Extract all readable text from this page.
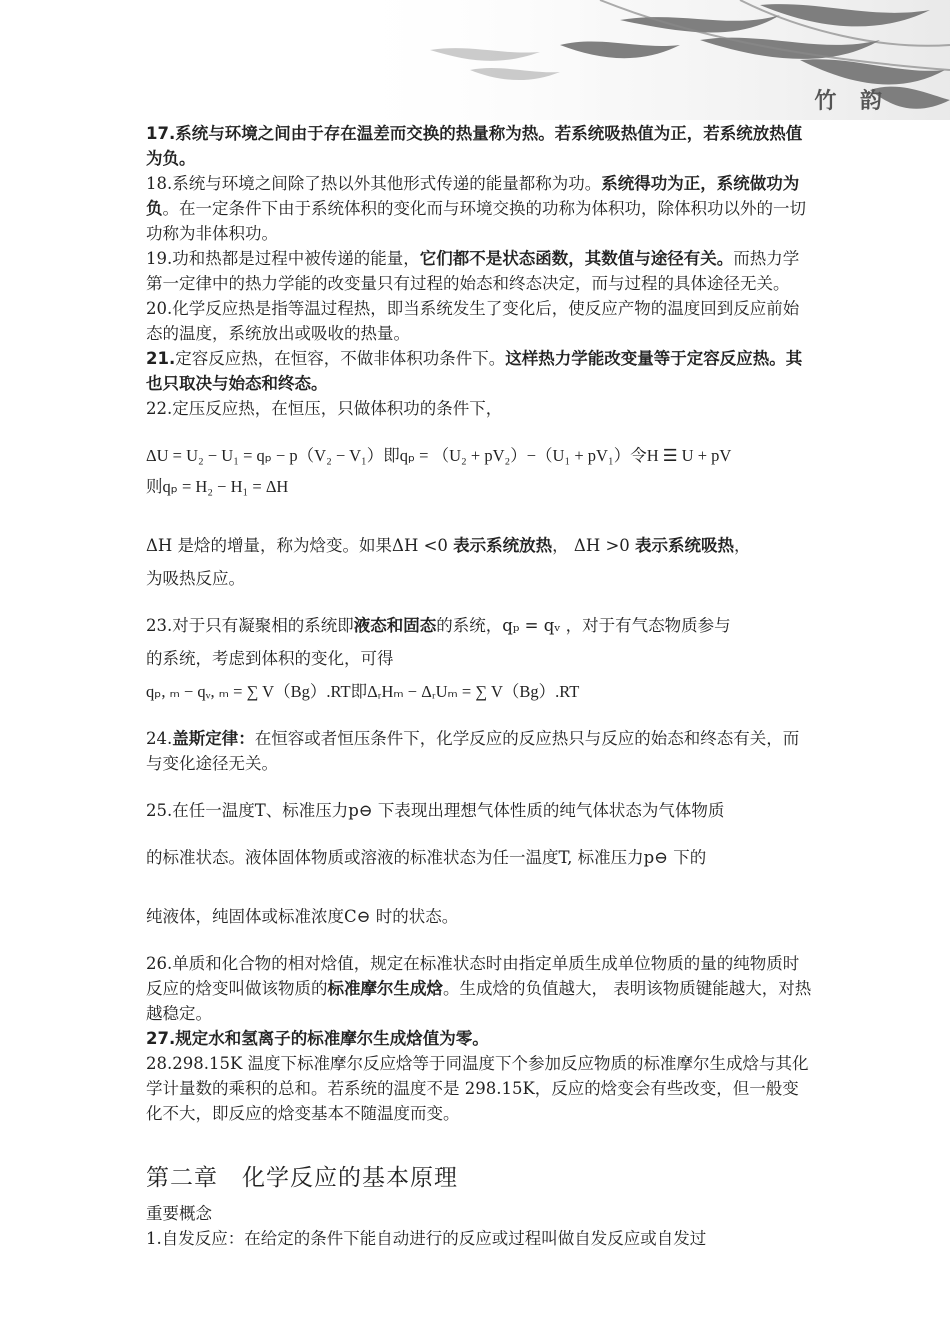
竹 韵

17.系统与环境之间由于存在温差而交换的热量称为热。若系统吸热值为正，若系统放热值为负。

18.系统与环境之间除了热以外其他形式传递的能量都称为功。系统得功为正，系统做功为负。在一定条件下由于系统体积的变化而与环境交换的功称为体积功，除体积功以外的一切功称为非体积功。

19.功和热都是过程中被传递的能量，它们都不是状态函数，其数值与途径有关。而热力学第一定律中的热力学能的改变量只有过程的始态和终态决定，而与过程的具体途径无关。

20.化学反应热是指等温过程热，即当系统发生了变化后，使反应产物的温度回到反应前始态的温度，系统放出或吸收的热量。

21.定容反应热，在恒容，不做非体积功条件下。这样热力学能改变量等于定容反应热。其也只取决与始态和终态。

22.定压反应热，在恒压，只做体积功的条件下，

ΔU = U₂ − U₁ = qₚ − p（V₂ − V₁）即qₚ = （U₂ + pV₂）−（U₁ + pV₁）令H ☰ U + pV

则qₚ = H₂ − H₁ = ΔH

ΔH 是焓的增量，称为焓变。如果ΔH <0 表示系统放热， ΔH >0 表示系统吸热，

为吸热反应。

23.对于只有凝聚相的系统即液态和固态的系统，qₚ = qᵥ ，对于有气态物质参与

的系统，考虑到体积的变化，可得

qₚ, ₘ − qᵥ, ₘ = ∑ V（Bg）.RT即ΔᵣHₘ − ΔᵣUₘ = ∑ V（Bg）.RT

24.盖斯定律：在恒容或者恒压条件下，化学反应的反应热只与反应的始态和终态有关，而与变化途径无关。

25.在任一温度T、标准压力p⊖ 下表现出理想气体性质的纯气体状态为气体物质

的标准状态。液体固体物质或溶液的标准状态为任一温度T, 标准压力p⊖ 下的

纯液体，纯固体或标准浓度C⊖ 时的状态。

26.单质和化合物的相对焓值，规定在标准状态时由指定单质生成单位物质的量的纯物质时反应的焓变叫做该物质的标准摩尔生成焓。生成焓的负值越大， 表明该物质键能越大，对热越稳定。

27.规定水和氢离子的标准摩尔生成焓值为零。

28.298.15K 温度下标准摩尔反应焓等于同温度下个参加反应物质的标准摩尔生成焓与其化学计量数的乘积的总和。若系统的温度不是 298.15K，反应的焓变会有些改变，但一般变化不大，即反应的焓变基本不随温度而变。

第二章　化学反应的基本原理

重要概念

1.自发反应：在给定的条件下能自动进行的反应或过程叫做自发反应或自发过
